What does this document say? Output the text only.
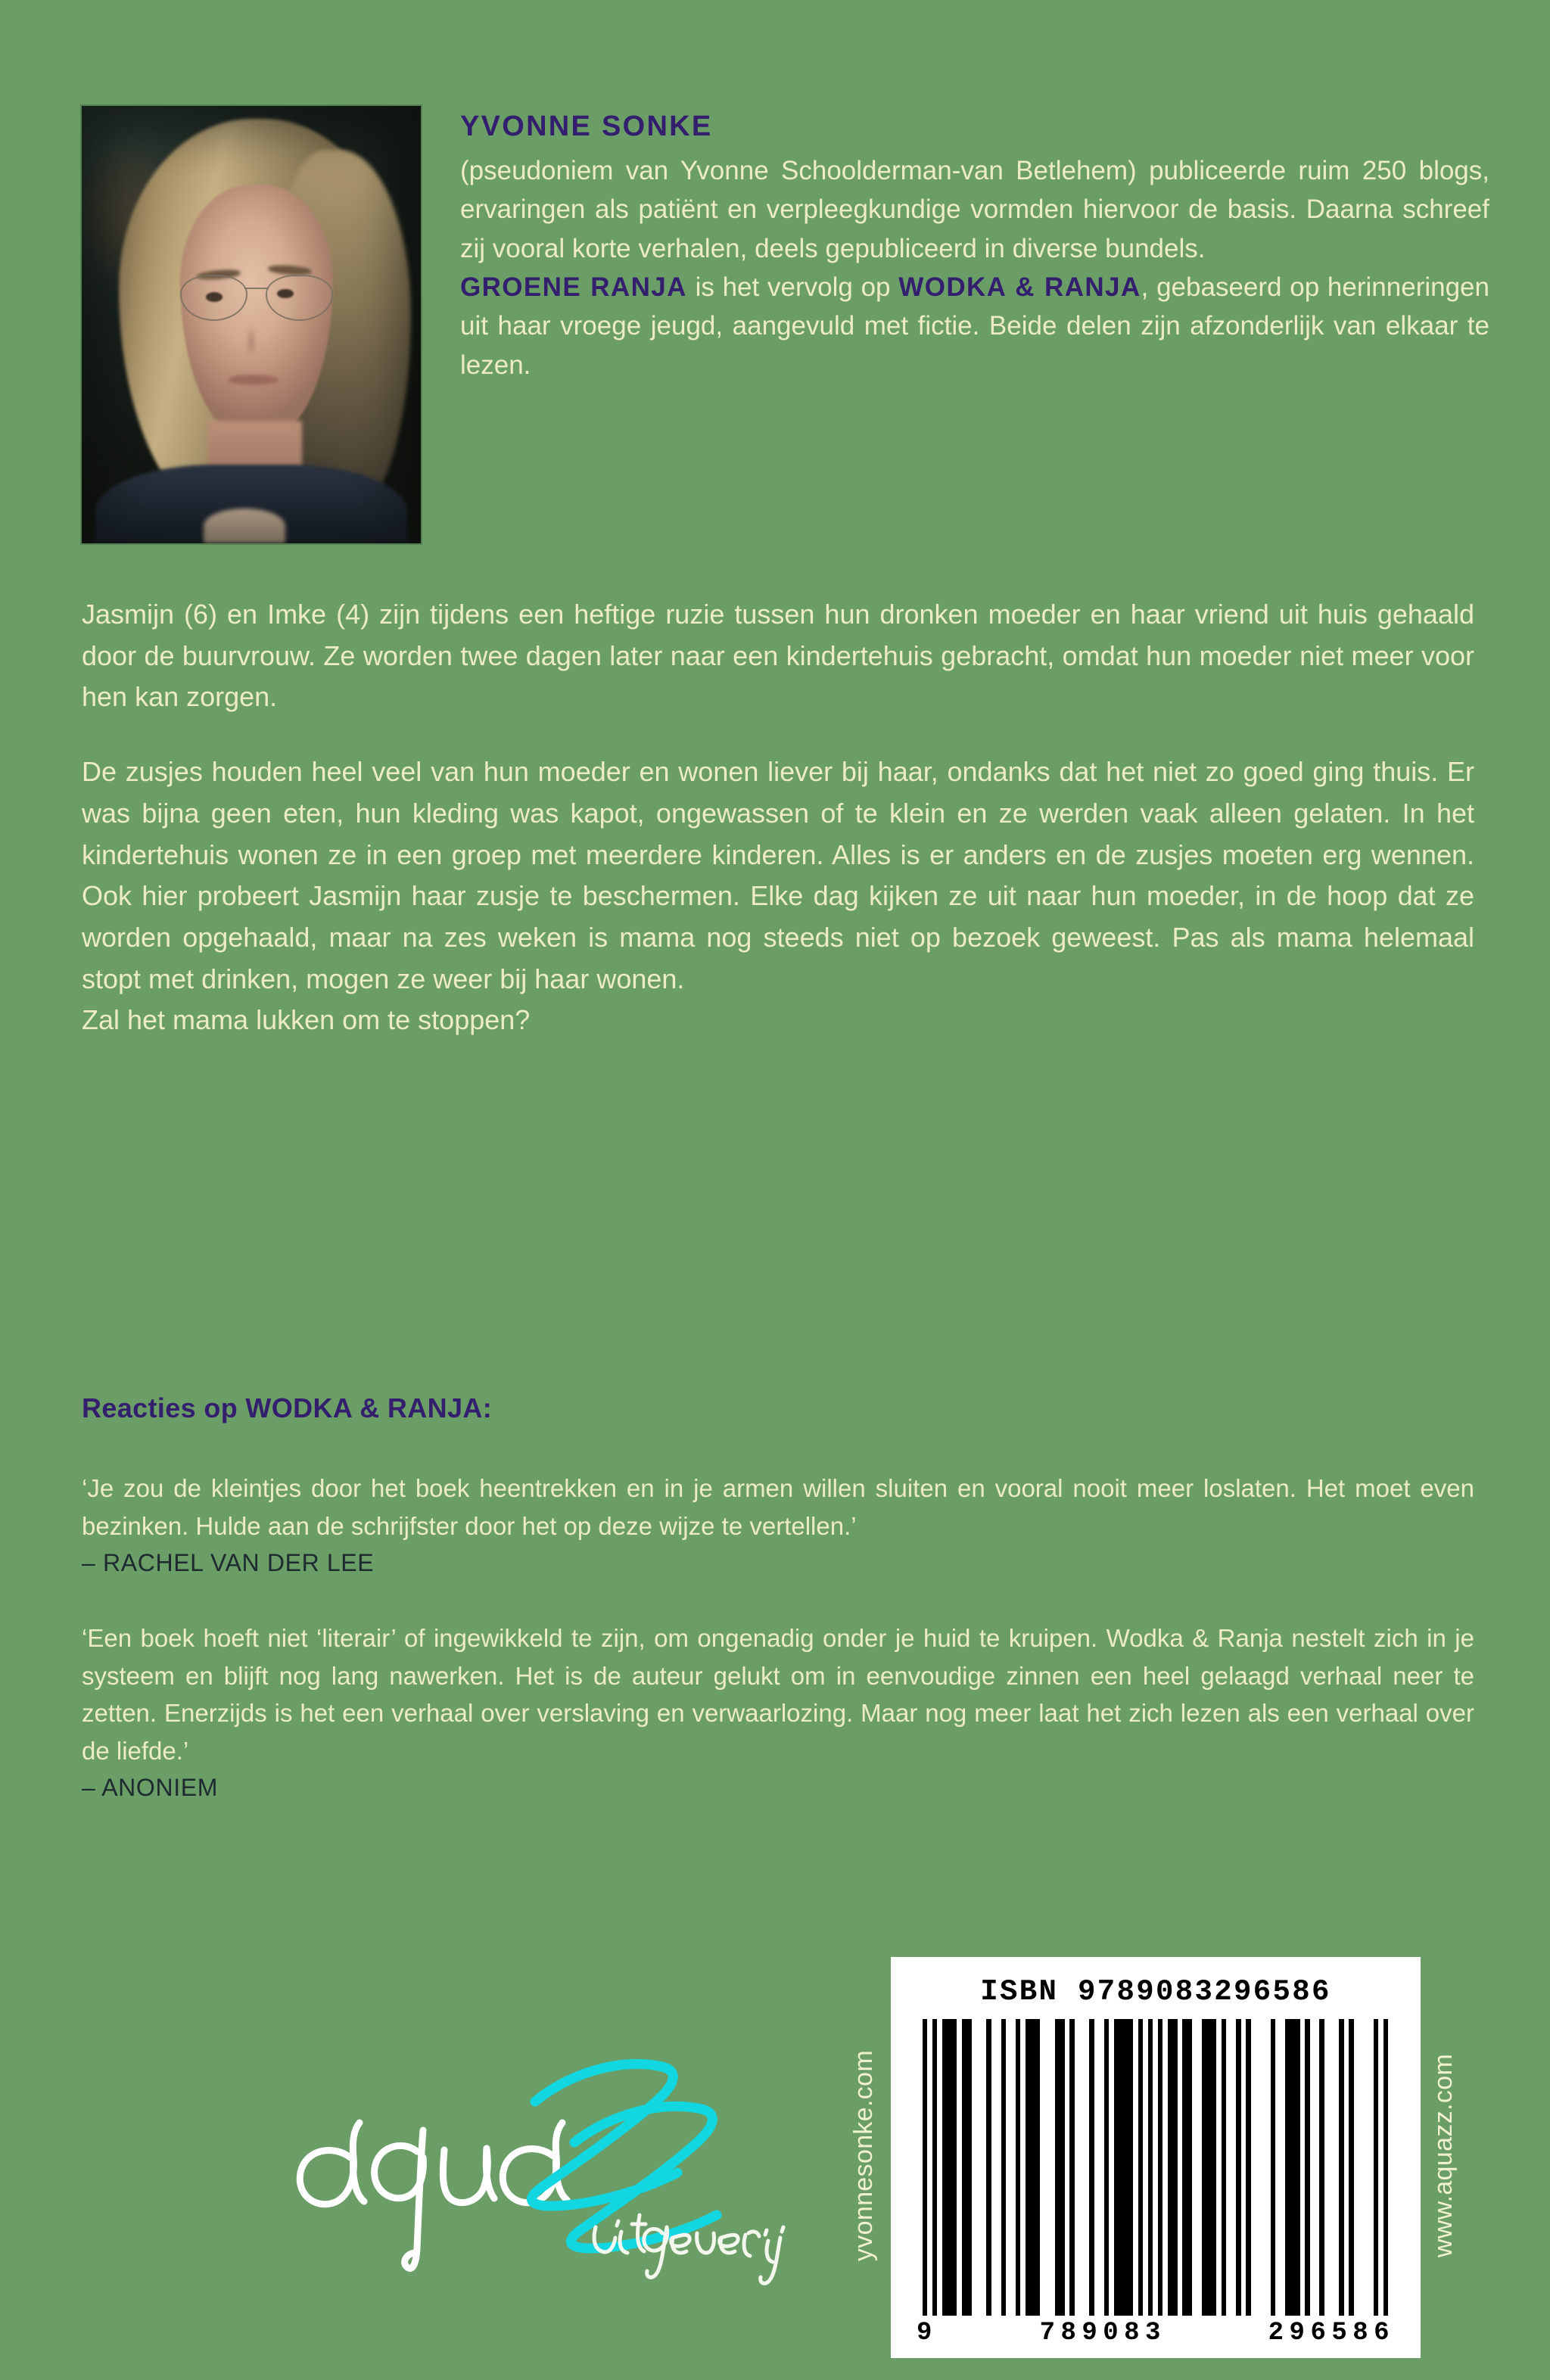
YVONNE SONKE
(pseudoniem van Yvonne Schoolderman-van Betlehem) publiceerde ruim 250 blogs, ervaringen als patiënt en verpleegkundige vormden hiervoor de basis. Daarna schreef zij vooral korte verhalen, deels gepubliceerd in diverse bundels.
GROENE RANJA is het vervolg op WODKA & RANJA, gebaseerd op herinneringen uit haar vroege jeugd, aangevuld met fictie. Beide delen zijn afzonderlijk van elkaar te lezen.

Jasmijn (6) en Imke (4) zijn tijdens een heftige ruzie tussen hun dronken moeder en haar vriend uit huis gehaald door de buurvrouw. Ze worden twee dagen later naar een kindertehuis gebracht, omdat hun moeder niet meer voor hen kan zorgen.

De zusjes houden heel veel van hun moeder en wonen liever bij haar, ondanks dat het niet zo goed ging thuis. Er was bijna geen eten, hun kleding was kapot, ongewassen of te klein en ze werden vaak alleen gelaten. In het kindertehuis wonen ze in een groep met meerdere kinderen. Alles is er anders en de zusjes moeten erg wennen. Ook hier probeert Jasmijn haar zusje te beschermen. Elke dag kijken ze uit naar hun moeder, in de hoop dat ze worden opgehaald, maar na zes weken is mama nog steeds niet op bezoek geweest. Pas als mama helemaal stopt met drinken, mogen ze weer bij haar wonen.

Zal het mama lukken om te stoppen?

Reacties op WODKA & RANJA:
‘Je zou de kleintjes door het boek heentrekken en in je armen willen sluiten en vooral nooit meer loslaten. Het moet even bezinken. Hulde aan de schrijfster door het op deze wijze te vertellen.’
– RACHEL VAN DER LEE
‘Een boek hoeft niet ‘literair’ of ingewikkeld te zijn, om ongenadig onder je huid te kruipen. Wodka & Ranja nestelt zich in je systeem en blijft nog lang nawerken. Het is de auteur gelukt om in eenvoudige zinnen een heel gelaagd verhaal neer te zetten. Enerzijds is het een verhaal over verslaving en verwaarlozing. Maar nog meer laat het zich lezen als een verhaal over de liefde.’
– ANONIEM
yvonnesonke.com	www.aquazz.com
ISBN 9789083296586
9	789083	296586
